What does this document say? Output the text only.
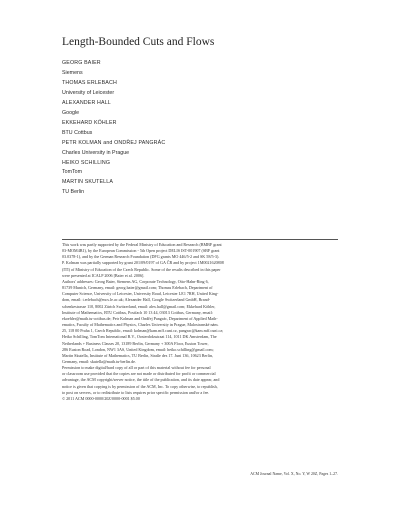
Length-Bounded Cuts and Flows
GEORG BAIER
Siemens
THOMAS ERLEBACH
University of Leicester
ALEXANDER HALL
Google
EKKEHARD KÖHLER
BTU Cottbus
PETR KOLMAN and ONDŘEJ PANGRÁC
Charles University in Prague
HEIKO SCHILLING
TomTom
MARTIN SKUTELLA
TU Berlin

This work was partly supported by the Federal Ministry of Education and Research (BMBF grant

03-MOM4B1), by the European Commission - 5th Open project DELIS IST-001907 (SBF grant

03.0378-1), and by the German Research Foundation (DFG grants MO 446/5-2 and SK 58/5-3).

P. Kolman was partially supported by grant 201/09/0197 of GA ČR and by project 1M0021620808

(ITI) of Ministry of Education of the Czech Republic. Some of the results described in this paper

were presented at ICALP 2006 [Baier et al. 2006].

Authors' addresses: Georg Baier, Siemens AG, Corporate Technology, Otto-Hahn-Ring 6,

81739 Munich, Germany, email: georg.baier@gmail.com; Thomas Erlebach, Department of

Computer Science, University of Leicester, University Road, Leicester LE1 7RH, United King-

dom, email: t.erlebach@mcs.le.ac.uk; Alexander Hall, Google Switzerland GmbH, Brand-

schenkestrasse 110, 8002 Zürich Switzerland, email: alex.hall@gmail.com; Ekkehard Köhler,

Institute of Mathematics, BTU Cottbus, Postfach 10 13 44, 03013 Cottbus, Germany, email:

ekoehler@math.tu-cottbus.de; Petr Kolman and Ondřej Pangrác, Department of Applied Math-

ematics, Faculty of Mathematics and Physics, Charles University in Prague, Malostranské nám.

25, 118 00 Praha 1, Czech Republic, email: kolman@kam.mff.cuni.cz, pangrac@kam.mff.cuni.cz;

Heiko Schilling, TomTom International B.V., Oosterdoksstraat 114, 1011 DK Amsterdam, The

Netherlands + Business Classes 20, 13189 Berlin, Germany + 300A Floor, Euston Tower,

286 Euston Road, London, NW1 3AS, United Kingdom, email: heiko.schilling@gmail.com;

Martin Skutella, Institute of Mathematics, TU Berlin, Straße des 17. Juni 136, 10623 Berlin,

Germany, email: skutella@math.tu-berlin.de.

Permission to make digital/hard copy of all or part of this material without fee for personal

or classroom use provided that the copies are not made or distributed for profit or commercial

advantage, the ACM copyright/server notice, the title of the publication, and its date appear, and

notice is given that copying is by permission of the ACM, Inc. To copy otherwise, to republish,

to post on servers, or to redistribute to lists requires prior specific permission and/or a fee.

© 2011 ACM 0000-0000/20Z/0000-0001 $5.00

ACM Journal Name, Vol. X, No. Y, W 20Z, Pages 1–27.
